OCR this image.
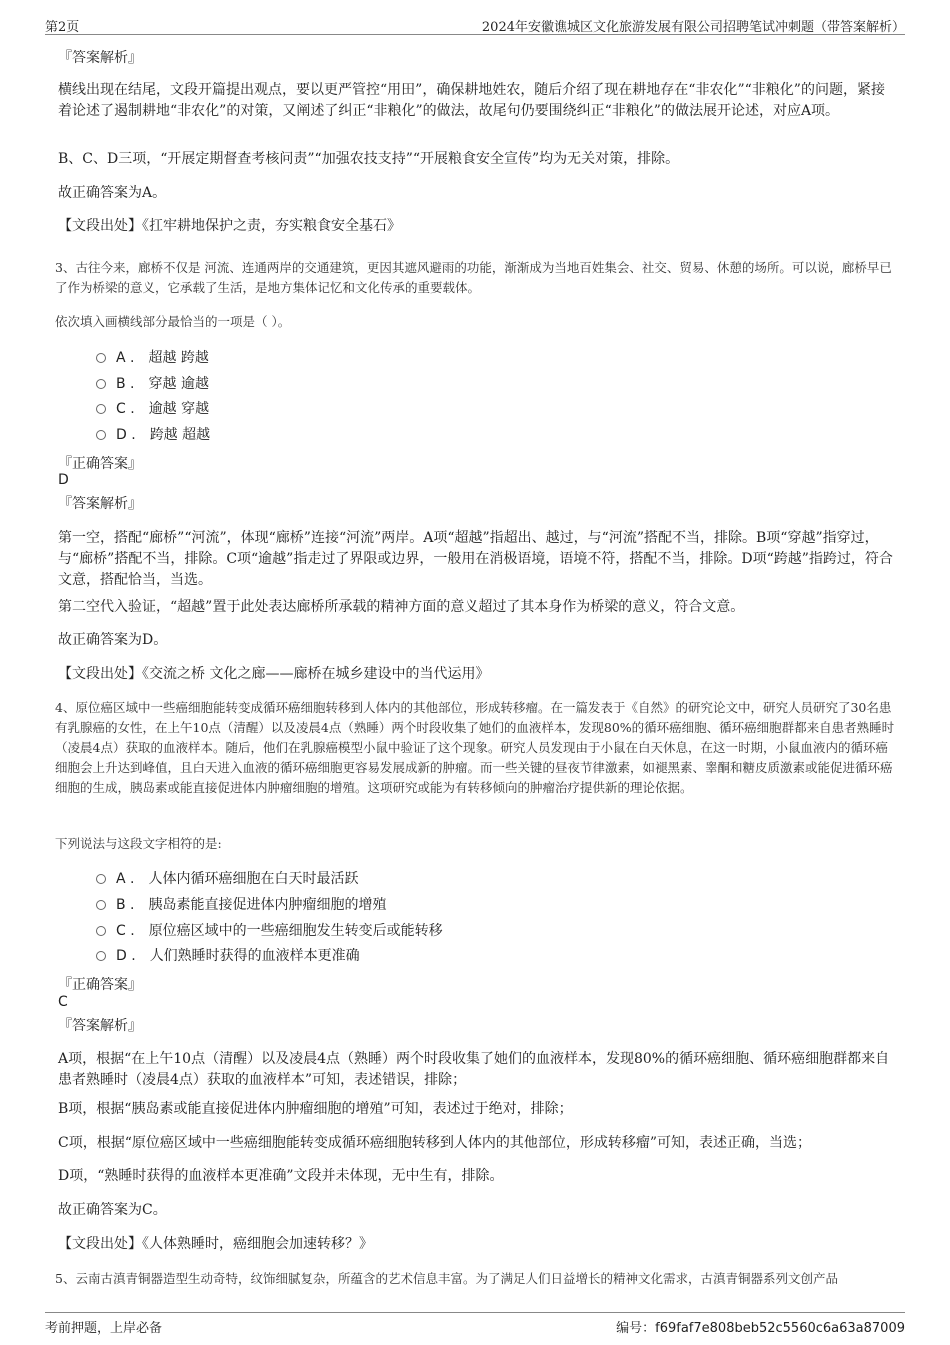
第2页	2024年安徽谯城区文化旅游发展有限公司招聘笔试冲刺题（带答案解析）
『答案解析』
横线出现在结尾，文段开篇提出观点，要以更严管控“用田”，确保耕地姓农，随后介绍了现在耕地存在“非农化”“非粮化”的问题，紧接着论述了遏制耕地“非农化”的对策，又阐述了纠正“非粮化”的做法，故尾句仍要围绕纠正“非粮化”的做法展开论述，对应A项。
B、C、D三项，“开展定期督查考核问责”“加强农技支持”“开展粮食安全宣传”均为无关对策，排除。
故正确答案为A。
【文段出处】《扛牢耕地保护之责，夯实粮食安全基石》
3、古往今来，廊桥不仅是 河流、连通两岸的交通建筑，更因其遮风避雨的功能，渐渐成为当地百姓集会、社交、贸易、休憩的场所。可以说，廊桥早已 了作为桥梁的意义，它承载了生活，是地方集体记忆和文化传承的重要载体。
依次填入画横线部分最恰当的一项是（ ）。
A . 超越 跨越
B . 穿越 逾越
C . 逾越 穿越
D . 跨越 超越
『正确答案』
D
『答案解析』
第一空，搭配“廊桥”“河流”，体现“廊桥”连接“河流”两岸。A项“超越”指超出、越过，与“河流”搭配不当，排除。B项“穿越”指穿过，与“廊桥”搭配不当，排除。C项“逾越”指走过了界限或边界，一般用在消极语境，语境不符，搭配不当，排除。D项“跨越”指跨过，符合文意，搭配恰当，当选。
第二空代入验证，“超越”置于此处表达廊桥所承载的精神方面的意义超过了其本身作为桥梁的意义，符合文意。
故正确答案为D。
【文段出处】《交流之桥 文化之廊——廊桥在城乡建设中的当代运用》
4、原位癌区域中一些癌细胞能转变成循环癌细胞转移到人体内的其他部位，形成转移瘤。在一篇发表于《自然》的研究论文中，研究人员研究了30名患有乳腺癌的女性，在上午10点（清醒）以及凌晨4点（熟睡）两个时段收集了她们的血液样本，发现80%的循环癌细胞、循环癌细胞群都来自患者熟睡时（凌晨4点）获取的血液样本。随后，他们在乳腺癌模型小鼠中验证了这个现象。研究人员发现由于小鼠在白天休息，在这一时期，小鼠血液内的循环癌细胞会上升达到峰值，且白天进入血液的循环癌细胞更容易发展成新的肿瘤。而一些关键的昼夜节律激素，如褪黑素、睾酮和糖皮质激素或能促进循环癌细胞的生成，胰岛素或能直接促进体内肿瘤细胞的增殖。这项研究或能为有转移倾向的肿瘤治疗提供新的理论依据。
下列说法与这段文字相符的是:
A . 人体内循环癌细胞在白天时最活跃
B . 胰岛素能直接促进体内肿瘤细胞的增殖
C . 原位癌区域中的一些癌细胞发生转变后或能转移
D . 人们熟睡时获得的血液样本更准确
『正确答案』
C
『答案解析』
A项，根据“在上午10点（清醒）以及凌晨4点（熟睡）两个时段收集了她们的血液样本，发现80%的循环癌细胞、循环癌细胞群都来自患者熟睡时（凌晨4点）获取的血液样本”可知，表述错误，排除；
B项，根据“胰岛素或能直接促进体内肿瘤细胞的增殖”可知，表述过于绝对，排除；
C项，根据“原位癌区域中一些癌细胞能转变成循环癌细胞转移到人体内的其他部位，形成转移瘤”可知，表述正确，当选；
D项，“熟睡时获得的血液样本更准确”文段并未体现，无中生有，排除。
故正确答案为C。
【文段出处】《人体熟睡时，癌细胞会加速转移？》
5、云南古滇青铜器造型生动奇特，纹饰细腻复杂，所蕴含的艺术信息丰富。为了满足人们日益增长的精神文化需求，古滇青铜器系列文创产品
考前押题，上岸必备	编号：f69faf7e808beb52c5560c6a63a87009
